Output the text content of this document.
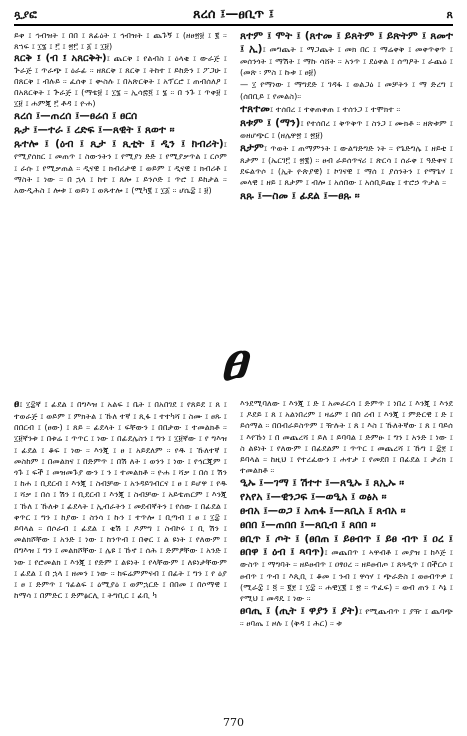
ጿያፎ	ጸረሰ ፤—ፀቢጥ ፤	ጸ

ይቀ ፤ ኅብዝት ፤ በበ ፤ ጸፊዕት ፤ ኅብዝት ፤ ጨጉኝ ፤ (ዘፀ፳፱ ፤ ፪ ። ጸኀፍ ፤ ፲፮ ፤ ፫ ፤ ፳፫ ፤ ፩ ፤ ፲፱)

ጸርቅ ፤ (ብ ፤ አጸርቅት)፤ ጨርቅ ፤ የልብስ ፤ ዕላቂ ፤ ውራጅ ፤ ጕራጅ ፤ ጥራጭ ፤ ዕራፊ ። ዘጸርቅ ፤ ጸርቅ ፤ ትከተ ፤ ይከድን ፤ ፖጋሁ ፤ በጸርቅ ፤ ብሉይ ። ፈሰቀ ፤ ቍስሉ ፤ በአጽርቅት ፤ አፕርሮ ፤ ጠብሰለዖ ፤ በአጸርቅት ፤ ጕራጅ ፤ (ማቴ፱ ፤ ፲፮ ። ኢሳ፷፬ ፤ ፮ ። በ ንጉ ፤ ጥቀ፱ ፤ ፲፱ ፤ ሐምጂ ፫ ቶዳ ፤ ዮሐ)

ጸረሰ ፤—ጠረሰ ፤—ፀሬሰ ፤ ፀርሰ

ጹታ ፤—ተራ ፤ ረድፍ ፤—ጸዊት ፤ ጸወተ ።

ጹተሎ ፤ (ዕብ ፤ ጺታ ፤ ጺቲት ፤ ዲን ፤ ክብሪት)፤ የሚያሰክር ፤ መጠጥ ፤ ስውንትን ፤ የሚያነ ድድ ፤ የሚያቃጥል ፤ ርሶም ፤ ራሱ ፤ የሚቃጠል ። ዲናዊ ፤ ክብሪታዊ ፤ ወይም ፤ ዲናዊ ፤ ክብሪቶ ፤ ማስት ፤ ነው ። በ ኋላ ፤ ከተ ፤ ጸሎ ፤ ይንሶድ ፤ ጥሮ ፤ ይከታል ። አውዲሕስ ፤ ሎቱ ፤ ወይነ ፤ ወጹተሎ ፤ (ሚካ፪ ፤ ፲፩ ። ሆሴ፰ ፤ ፱)

ጸተም ፤ ሞት ፤ (ጸተመ ፤ ይጸትም ፤ ይጽትም ፤ ጸመተ ፤ ኢ)፤ መግጨት ፤ ማጋጨት ፤ መክ በር ፤ ማሬቀቅ ፤ መቀጥቀጥ ፤ መሰንጎት ፤ ማሽት ፤ ማኩ ሳሸት ። አንጥ ፤ ደዕቀል ፤ ሰጣዖት ፤ ራጨዕ ፤ (መጽ ፡ ምስ ፤ ኩቱ ፤ ፀ፱)

— ፲ የማነው ፤ ማግደድ ፤ ገዳፋ ፤ ወልጋዕ ፤ መቻትን ፤ ማ ድረግ ፤ (ሰበቢይ ፤ የመልስ)።

ተጸተመ፤ ተሰበረ ፤ ተቀጠቀጠ ፤ ተሰንጋ ፤ ተሞክተ ።

ጸቱም ፤ (ማን)፤ የተሰበረ ፤ ቅጥቅጥ ፤ ስንጋ ፤ ሙክቶ ። ዘጽቱም ፤ ወዘሆጭር ፤ (ዘሌዋ፳ ፤ ፳፱)

ጸታም፤ ጥወት ፤ ጠማምንት ፤ ውልግድግድ ነት ። የጌድግሌ ፤ ዘይቲ ፤ ጸታም ፤ (ኤርገ፫ ፤ ፳፪) ። ፀብ ራይሰጥናሪ ፤ ጽርሳ ፤ ሰራቀ ፤ ዓድቀና ፤ ደፍልጥሶ ፤ (ኢት ዮጵያዊ) ፤ ኮገናዊ ፤ ማሰ ፤ ያሰንትን ፤ የማጌሃ ፤ መላዊ ፤ ዘይ ፤ ጸታም ፤ ብሎ ፤ አሰበው ፤ አሰቢይጩ ፤ ተሮኃ ጥታል ።

ጸጹ ፤—ስመ ፤ ፊደል ፤—ፀጹ ።

ፀ

ፀ፤ ፲፰ኛ ፤ ፊደል ፤ በግእዝ ፤ አልፍ ፤ ቤት ፤ በአበገደ ፤ የጸይደ ፤ ጸ ፤ ተወራጅ ፤ ወይም ፤ ምክትል ፤ ኹለ ተኛ ፤ ጺፋ ፤ ተተካሻ ፤ ስሙ ፤ ፀጹ ፤ በበርብ ፤ (ፀው) ፤ ጸይ ። ፊደላት ፤ ፍቸውን ፤ በበታው ፤ ተመልክቶ ። ፲፱ኛንቱ ፤ በቱሬ ፤ ጥጥር ፤ ነው ፤ በፊደሌስን ፤ ግን ፤ ፲፱ኛው ፤ የ ግእዝ ፤ ፊደል ፤ ቆፍ ፤ ነው ። እንጂ ፤ ፀ ፤ አይደለም ። የዱ ፤ ኹለተኛ ፤ መስከም ፤ በመልክና ፤ በድምጥ ፤ በሽ ለት ፤ ወንን ፤ ነው ፤ የኅርጂም ፤ ጎጉ ፤ ፍች ፤ መዝመጉያ ውን ፤ ን ፤ ተመልክቶ ። ዮሐ ፤ ሻቃ ፤ በሰ ፤ ሽን ፤ ከሐ ፤ ቢደርብ ፤ እንጂ ፤ ስብቻው ፤ አንዳይገብርና ፤ ፀ ፤ ይሆዋ ፤ የዱ ፤ ሻቃ ፤ በሰ ፤ ሽን ፤ ቢደርብ ፤ እንጂ ፤ ስብቻው ፤ አይቴጠርም ፤ እንጂ ፤ ኹለ ፤ ኹለቱ ፤ ፊደላት ፤ ኢብራትን ፤ መደብኛትን ፤ የሰው ፤ በፊደል ፤ ቀጥር ፤ ግን ፤ ከያው ፤ ስንሳ ፤ ኩን ፤ ተጥሎ ፤ ቢጣብ ፤ ፀ ፤ ፲፰ ፤ ይባላል ። በሶራብ ፤ ፊደል ፤ ቂሽ ፤ ዶምግ ፤ ስብኮሩ ፤ ቢ ሽን ፤ መልክሾቸው ፤ አንድ ፤ ነው ፤ ከንጥብ ፤ በቀር ፤ ል ዩነት ፤ የለውም ፤ በግእዝ ፤ ግን ፤ መልክሾቸው ፤ ሌዩ ፤ ኹኖ ፤ ሰሕ ፤ ድምፆቸው ፤ አንድ ፤ ነው ፤ የሮመልክ ፤ እንጂ ፤ የድም ፤ ልዩነት ፤ የላቸውም ፤ ለዩነታቸውም ፤ ፊደል ፤ በ ኋላ ፤ ዘመን ፤ ነው ። ከፍሬምምናብ ፤ በፊት ፤ ግን ፤ የ ዕያ ፤ ፀ ፤ ድምጥ ፤ ገፊልፍ ፤ ዕሚያዕ ፤ ወምኋርድ ፤ በበመ ፤ በሶማዊ ፤ ከማሳ ፤ በምድር ፤ ድምፅርሊ ፤ ትግቢር ፤ ፊቢ ካ

እንደሚባለው ፤ እንጂ ፤ ድ ፤ አመራርሳ ፤ ድምጥ ፤ ነበረ ፤ እንጂ ፤ እንደ ፤ ዶደይ ፤ ጸ ፤ አልነበረም ፤ ዛሬም ፤ በበ ረብ ፤ እንጂ ፤ ምድርዊ ፤ ድ ፤ ይሰማል ። በበብራይስጥም ፤ ዥሉት ፤ ጸ ፤ እስ ፤ ኹለትኛው ፤ ጸ ፤ ባይሰ ፤ እየኹነ ፤ በ መጨረሻ ፤ ይለ ፤ ይባባል ፤ ድምፁ ፤ ግን ፤ አንድ ፤ ነው ፤ ስ ልዩነት ፤ የለውም ፤ በፊደልም ፤ ጥጥር ፤ መጨረሻ ፤ ኹግ ፤ ፰፻ ፤ ይባላል ። ከዚህ ፤ የተረፈውን ፤ ሐተታ ፤ የመደበ ፤ በፊደል ፤ ታሪክ ፤ ተመልክቶ ።

ዒኡ ፤—ገማ ፤ ሽተተ ፤—ጸዒኡ ፤ ጸኢኡ ።

የአየአ ፤—ዊንጋፍ ፤—ወዒአ ፤ ወፅአ ።

ፀብአ ፤—ወጋ ፤ አጠፋ ፤—ጸቢአ ፤ ጸብአ ።

ፀበበ ፤—ጠበበ ፤—ጸቢብ ፤ ጸበበ ።

ፀቢጥ ፤ ጦት ፤ (ፀበጠ ፤ ይፀብጥ ፤ ይፀ ብጥ ፤ ዐረ ፤ ፀበዋ ፤ ዕብ ፤ ጻባጥ)፤ መጨበጥ ፤ ኣዋብቶ ፤ መያዝ ፤ ከእጅ ፤ ውስጥ ፤ ማግባት ። ዘይፀብጥ ፤ ዐፃዐረ ። ዘይፀብጦ ፤ ጸጓዲጥ ፤ በችርሶ ፤ ፀብጥ ፤ ጥብ ፤ እጲቢ ፤ ቆመ ፤ ንብ ፤ ዋሳሃ ፤ ጭራድስ ፤ ወፀብጥዎ ፤ (ሚራ፰ ፤ ፬ ። ፪፻ ፤ ፲፰ ። ሐዊ፲፪ ፤ ፳ ። ጥፈፍ) ። ወብ ጠን ፤ እኔ ፤ የሚህ ፤ መዳዴ ፤ ነው ።

ፀባጢ ፤ (ጢት ፤ ዋያን ፤ ያት)፤ የሚጨብጥ ፤ ያዥ ፤ ጨባጭ ። ፀባጤ ፤ ዞሉ ፤ (ቅዳ ፤ ሕር) ። ቱ

770
